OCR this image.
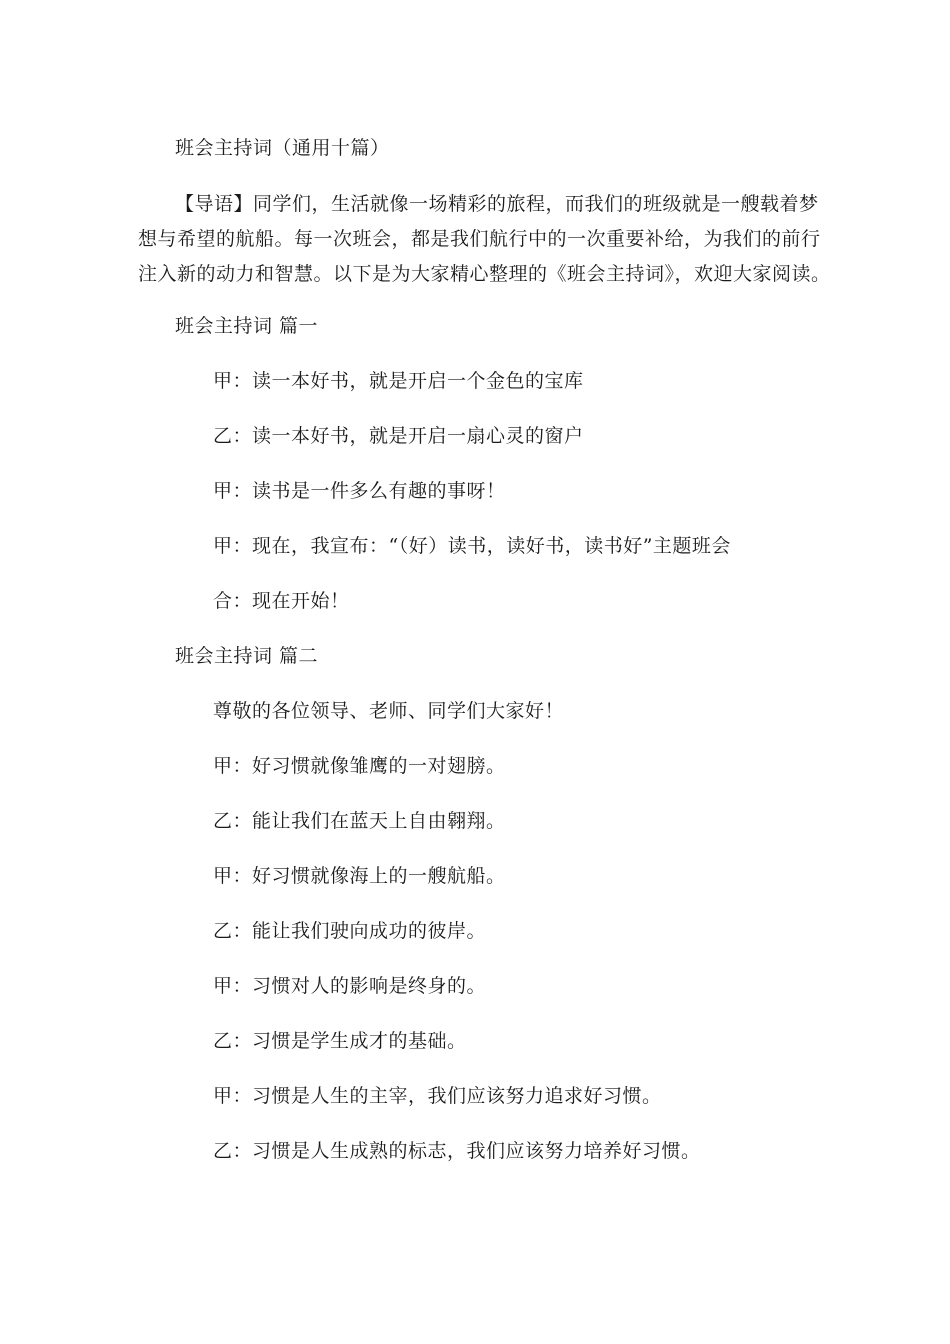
班会主持词（通用十篇）
【导语】同学们，生活就像一场精彩的旅程，而我们的班级就是一艘载着梦
想与希望的航船。每一次班会，都是我们航行中的一次重要补给，为我们的前行
注入新的动力和智慧。以下是为大家精心整理的《班会主持词》，欢迎大家阅读。
班会主持词 篇一
甲：读一本好书，就是开启一个金色的宝库
乙：读一本好书，就是开启一扇心灵的窗户
甲：读书是一件多么有趣的事呀！
甲：现在，我宣布：“（好）读书，读好书，读书好”主题班会
合：现在开始！
班会主持词 篇二
尊敬的各位领导、老师、同学们大家好！
甲：好习惯就像雏鹰的一对翅膀。
乙：能让我们在蓝天上自由翱翔。
甲：好习惯就像海上的一艘航船。
乙：能让我们驶向成功的彼岸。
甲：习惯对人的影响是终身的。
乙：习惯是学生成才的基础。
甲：习惯是人生的主宰，我们应该努力追求好习惯。
乙：习惯是人生成熟的标志，我们应该努力培养好习惯。
